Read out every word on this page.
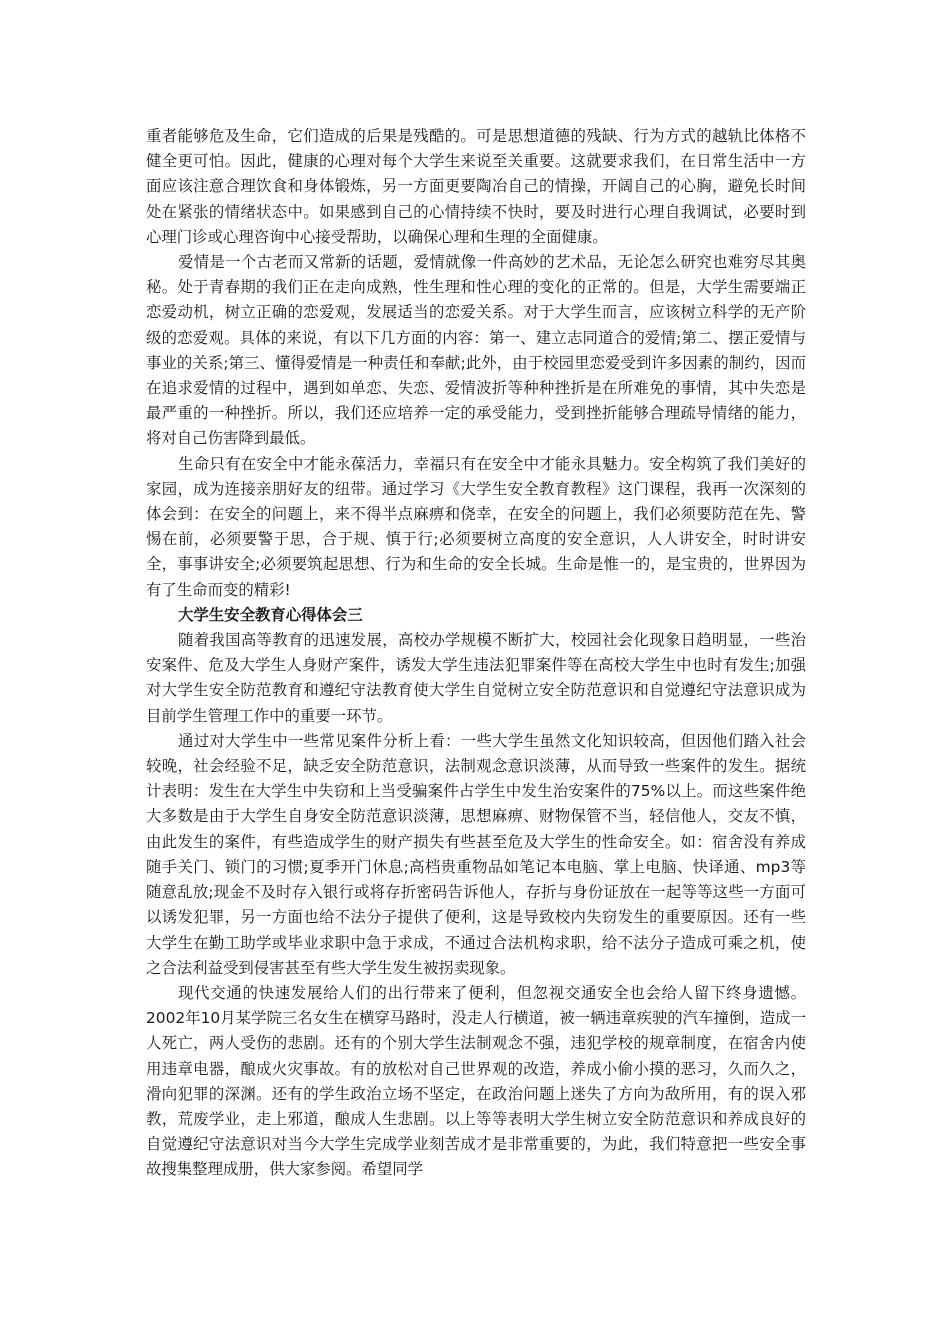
重者能够危及生命，它们造成的后果是残酷的。可是思想道德的残缺、行为方式的越轨比体格不健全更可怕。因此，健康的心理对每个大学生来说至关重要。这就要求我们，在日常生活中一方面应该注意合理饮食和身体锻炼，另一方面更要陶冶自己的情操，开阔自己的心胸，避免长时间处在紧张的情绪状态中。如果感到自己的心情持续不快时，要及时进行心理自我调试，必要时到心理门诊或心理咨询中心接受帮助，以确保心理和生理的全面健康。

爱情是一个古老而又常新的话题，爱情就像一件高妙的艺术品，无论怎么研究也难穷尽其奥秘。处于青春期的我们正在走向成熟，性生理和性心理的变化的正常的。但是，大学生需要端正恋爱动机，树立正确的恋爱观，发展适当的恋爱关系。对于大学生而言，应该树立科学的无产阶级的恋爱观。具体的来说，有以下几方面的内容：第一、建立志同道合的爱情;第二、摆正爱情与事业的关系;第三、懂得爱情是一种责任和奉献;此外，由于校园里恋爱受到许多因素的制约，因而在追求爱情的过程中，遇到如单恋、失恋、爱情波折等种种挫折是在所难免的事情，其中失恋是最严重的一种挫折。所以，我们还应培养一定的承受能力，受到挫折能够合理疏导情绪的能力，将对自己伤害降到最低。

生命只有在安全中才能永葆活力，幸福只有在安全中才能永具魅力。安全构筑了我们美好的家园，成为连接亲朋好友的纽带。通过学习《大学生安全教育教程》这门课程，我再一次深刻的体会到：在安全的问题上，来不得半点麻痹和侥幸，在安全的问题上，我们必须要防范在先、警惕在前，必须要警于思，合于规、慎于行;必须要树立高度的安全意识，人人讲安全，时时讲安全，事事讲安全;必须要筑起思想、行为和生命的安全长城。生命是惟一的，是宝贵的，世界因为有了生命而变的精彩!

大学生安全教育心得体会三

随着我国高等教育的迅速发展，高校办学规模不断扩大，校园社会化现象日趋明显，一些治安案件、危及大学生人身财产案件，诱发大学生违法犯罪案件等在高校大学生中也时有发生;加强对大学生安全防范教育和遵纪守法教育使大学生自觉树立安全防范意识和自觉遵纪守法意识成为目前学生管理工作中的重要一环节。

通过对大学生中一些常见案件分析上看：一些大学生虽然文化知识较高，但因他们踏入社会较晚，社会经验不足，缺乏安全防范意识，法制观念意识淡薄，从而导致一些案件的发生。据统计表明：发生在大学生中失窃和上当受骗案件占学生中发生治安案件的75%以上。而这些案件绝大多数是由于大学生自身安全防范意识淡薄，思想麻痹、财物保管不当，轻信他人，交友不慎，由此发生的案件，有些造成学生的财产损失有些甚至危及大学生的性命安全。如：宿舍没有养成随手关门、锁门的习惯;夏季开门休息;高档贵重物品如笔记本电脑、掌上电脑、快译通、mp3等随意乱放;现金不及时存入银行或将存折密码告诉他人，存折与身份证放在一起等等这些一方面可以诱发犯罪，另一方面也给不法分子提供了便利，这是导致校内失窃发生的重要原因。还有一些大学生在勤工助学或毕业求职中急于求成，不通过合法机构求职，给不法分子造成可乘之机，使之合法利益受到侵害甚至有些大学生发生被拐卖现象。

现代交通的快速发展给人们的出行带来了便利，但忽视交通安全也会给人留下终身遗憾。2002年10月某学院三名女生在横穿马路时，没走人行横道，被一辆违章疾驶的汽车撞倒，造成一人死亡，两人受伤的悲剧。还有的个别大学生法制观念不强，违犯学校的规章制度，在宿舍内使用违章电器，酿成火灾事故。有的放松对自己世界观的改造，养成小偷小摸的恶习，久而久之，滑向犯罪的深渊。还有的学生政治立场不坚定，在政治问题上迷失了方向为敌所用，有的误入邪教，荒废学业，走上邪道，酿成人生悲剧。以上等等表明大学生树立安全防范意识和养成良好的自觉遵纪守法意识对当今大学生完成学业刻苦成才是非常重要的，为此，我们特意把一些安全事故搜集整理成册，供大家参阅。希望同学
